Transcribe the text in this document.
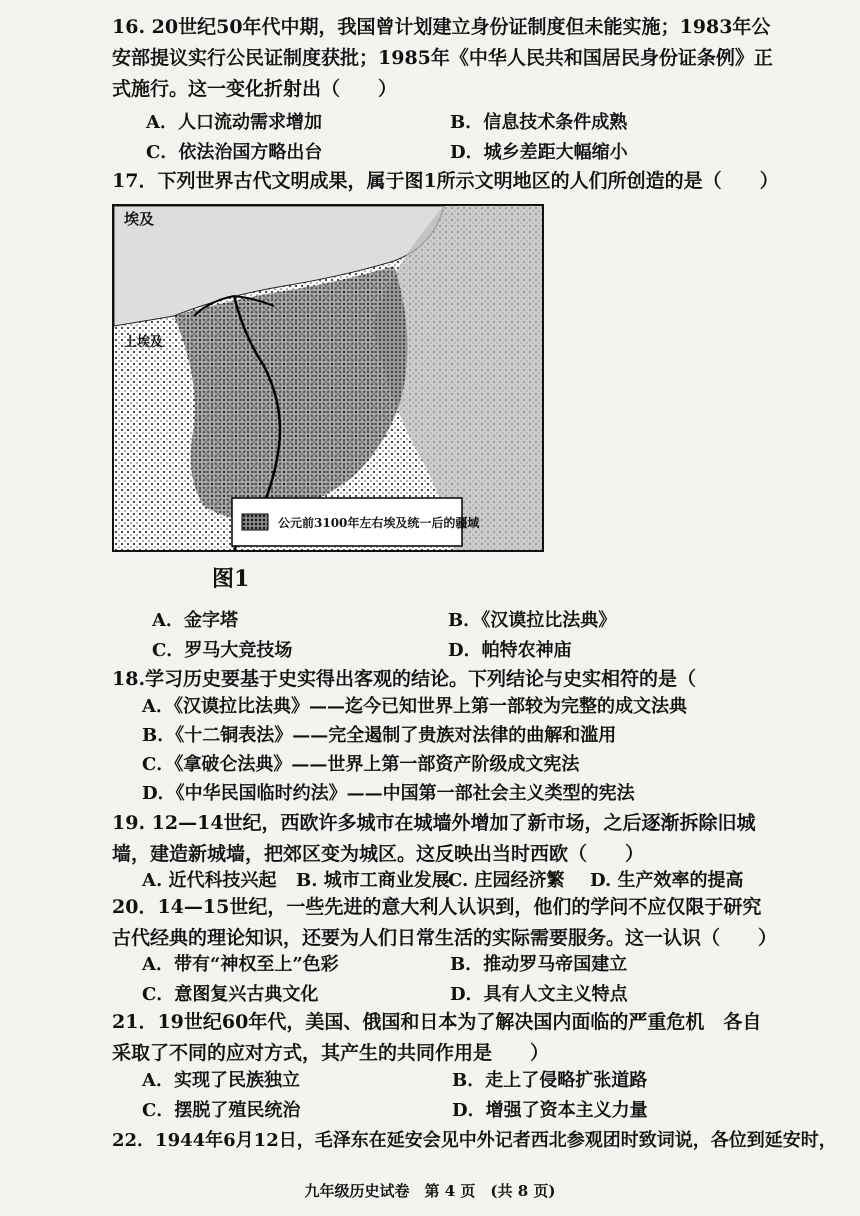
16. 20世纪50年代中期，我国曾计划建立身份证制度但未能实施；1983年公安部提议实行公民证制度获批；1985年《中华人民共和国居民身份证条例》正式施行。这一变化折射出（　　）
A．人口流动需求增加	B．信息技术条件成熟
C．依法治国方略出台	D．城乡差距大幅缩小
17．下列世界古代文明成果，属于图1所示文明地区的人们所创造的是（　　）
埃及
上埃及
公元前3100年左右埃及统一后的疆域
图1
A．金字塔	B．《汉谟拉比法典》
C．罗马大竞技场	D．帕特农神庙
18.学习历史要基于史实得出客观的结论。下列结论与史实相符的是（
A．《汉谟拉比法典》——迄今已知世界上第一部较为完整的成文法典
B．《十二铜表法》——完全遏制了贵族对法律的曲解和滥用
C．《拿破仑法典》——世界上第一部资产阶级成文宪法
D．《中华民国临时约法》——中国第一部社会主义类型的宪法
19. 12—14世纪，西欧许多城市在城墙外增加了新市场，之后逐渐拆除旧城墙，建造新城墙，把郊区变为城区。这反映出当时西欧（　　）
A. 近代科技兴起 B. 城市工商业发展
C. 庄园经济繁 D. 生产效率的提高
20．14—15世纪，一些先进的意大利人认识到，他们的学问不应仅限于研究古代经典的理论知识，还要为人们日常生活的实际需要服务。这一认识（　　）
A．带有“神权至上”色彩	B．推动罗马帝国建立
C．意图复兴古典文化	D．具有人文主义特点
21．19世纪60年代，美国、俄国和日本为了解决国内面临的严重危机　各自采取了不同的应对方式，其产生的共同作用是　　）
A．实现了民族独立	B．走上了侵略扩张道路
C．摆脱了殖民统治	D．增强了资本主义力量
22．1944年6月12日，毛泽东在延安会见中外记者西北参观团时致词说，各位到延安时，
九年级历史试卷　第 4 页　(共 8 页)
